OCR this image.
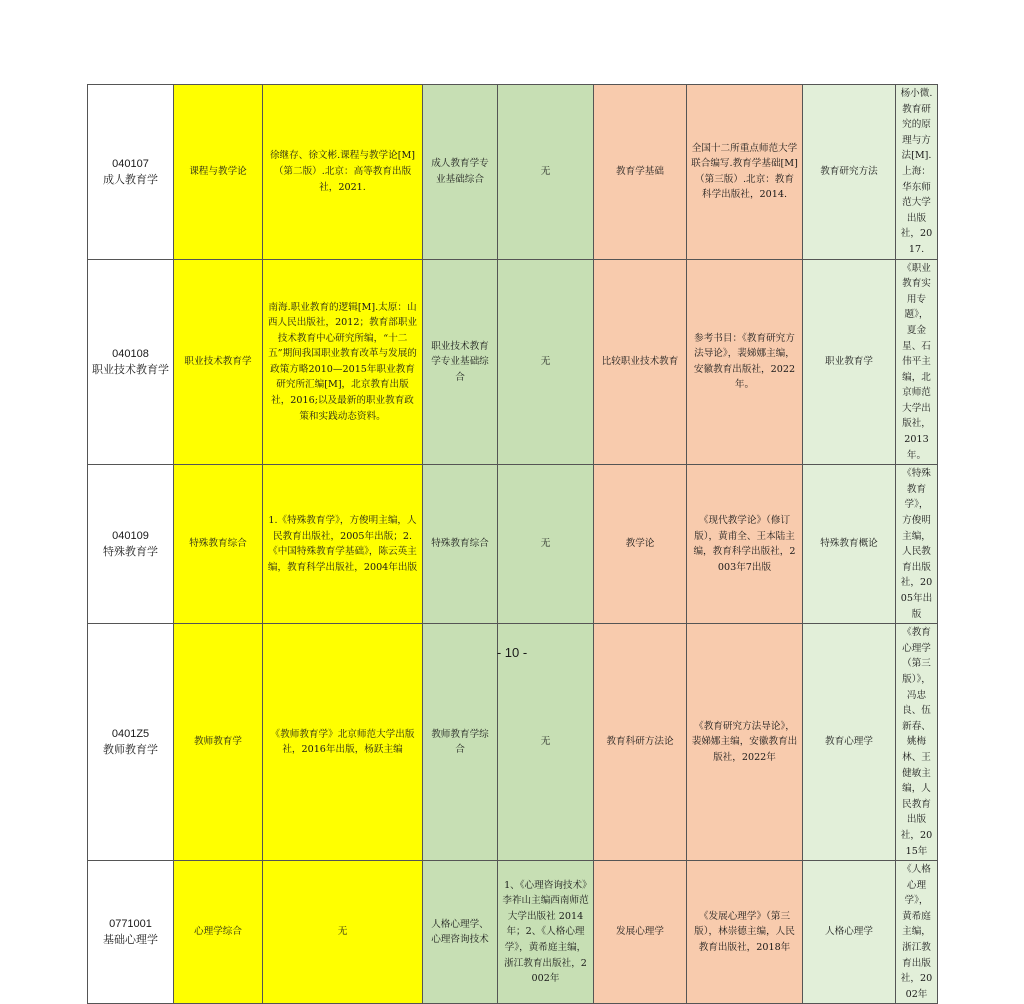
040107
成人教育学	课程与教学论	徐继存、徐文彬.课程与教学论[M]（第二版）.北京：高等教育出版社，2021.	成人教育学专业基础综合	无	教育学基础	全国十二所重点师范大学联合编写.教育学基础[M]（第三版）.北京：教育科学出版社，2014.	教育研究方法	杨小微.教育研究的原理与方法[M].上海：华东师范大学出版社，2017.

040108
职业技术教育学	职业技术教育学	南海.职业教育的逻辑[M].太原：山西人民出版社，2012；教育部职业技术教育中心研究所编，“十二五”期间我国职业教育改革与发展的政策方略2010—2015年职业教育研究所汇编[M]，北京教育出版社，2016;以及最新的职业教育政策和实践动态资料。	职业技术教育学专业基础综合	无	比较职业技术教育	参考书目：《教育研究方法导论》，裴娣娜主编，安徽教育出版社，2022年。	职业教育学	《职业教育实用专题》，夏金星、石伟平主编，北京师范大学出版社，2013年。

040109
特殊教育学	特殊教育综合	1.《特殊教育学》，方俊明主编，人民教育出版社，2005年出版；2.《中国特殊教育学基础》，陈云英主编，教育科学出版社，2004年出版	特殊教育综合	无	教学论	《现代教学论》（修订版），黄甫全、王本陆主编，教育科学出版社，2003年7出版	特殊教育概论	《特殊教育学》，方俊明主编，人民教育出版社，2005年出版

0401Z5
教师教育学	教师教育学	《教师教育学》北京师范大学出版社，2016年出版，杨跃主编	教师教育学综合	无	教育科研方法论	《教育研究方法导论》，裴娣娜主编，安徽教育出版社，2022年	教育心理学	《教育心理学（第三版）》，冯忠良、伍新春、姚梅林、王健敏主编，人民教育出版社，2015年

0771001
基础心理学	心理学综合	无	人格心理学、心理咨询技术	1、《心理咨询技术》李祚山主编西南师范大学出版社 2014年；2、《人格心理学》，黄希庭主编，浙江教育出版社，2002年	发展心理学	《发展心理学》（第三版），林崇德主编，人民教育出版社，2018年	人格心理学	《人格心理学》，黄希庭主编，浙江教育出版社，2002年
- 10 -
